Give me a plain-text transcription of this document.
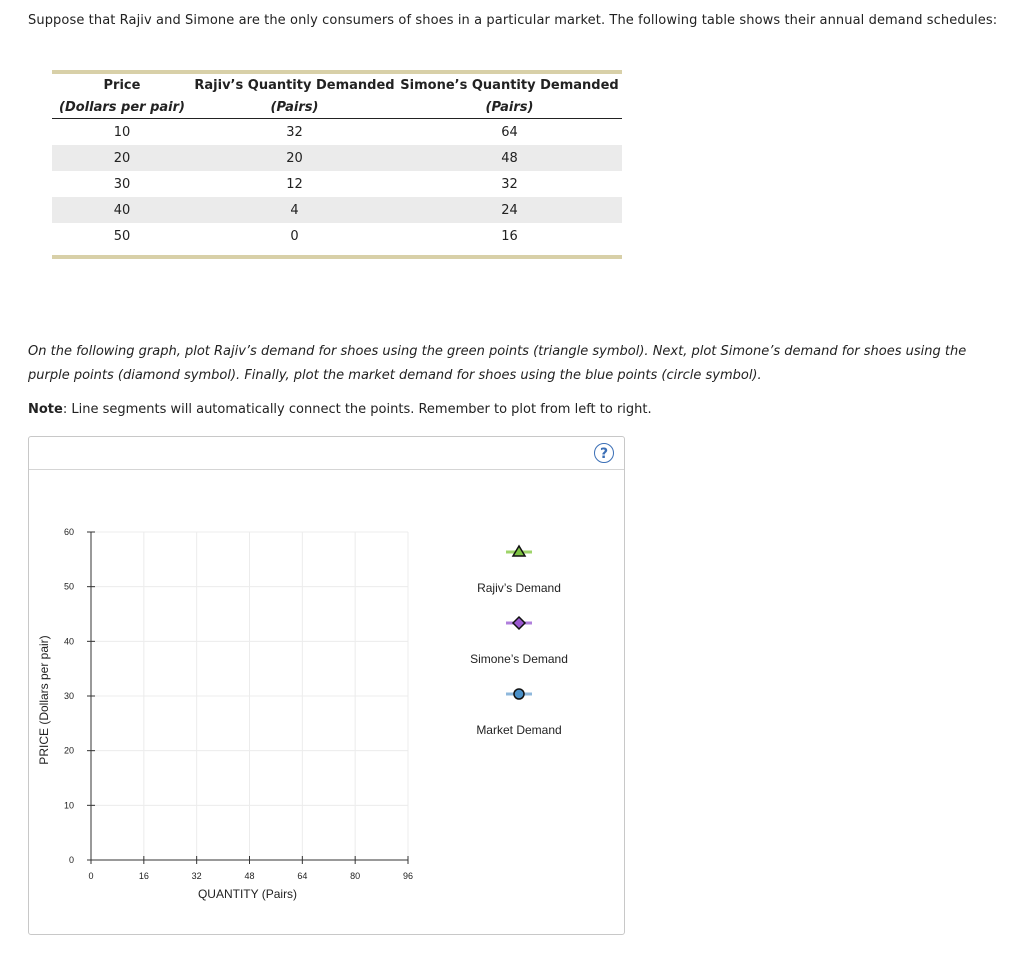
Suppose that Rajiv and Simone are the only consumers of shoes in a particular market. The following table shows their annual demand schedules:
Price	Rajiv’s Quantity Demanded	Simone’s Quantity Demanded
(Dollars per pair)	(Pairs)	(Pairs)
10	32	64
20	20	48
30	12	32
40	4	24
50	0	16
On the following graph, plot Rajiv’s demand for shoes using the green points (triangle symbol). Next, plot Simone’s demand for shoes using the purple points (diamond symbol). Finally, plot the market demand for shoes using the blue points (circle symbol).
Note: Line segments will automatically connect the points. Remember to plot from left to right.
?
0
10
20
30
40
50
60
0	16	32	48	64	80	96
QUANTITY (Pairs)
PRICE (Dollars per pair)
Rajiv’s Demand
Simone’s Demand
Market Demand
